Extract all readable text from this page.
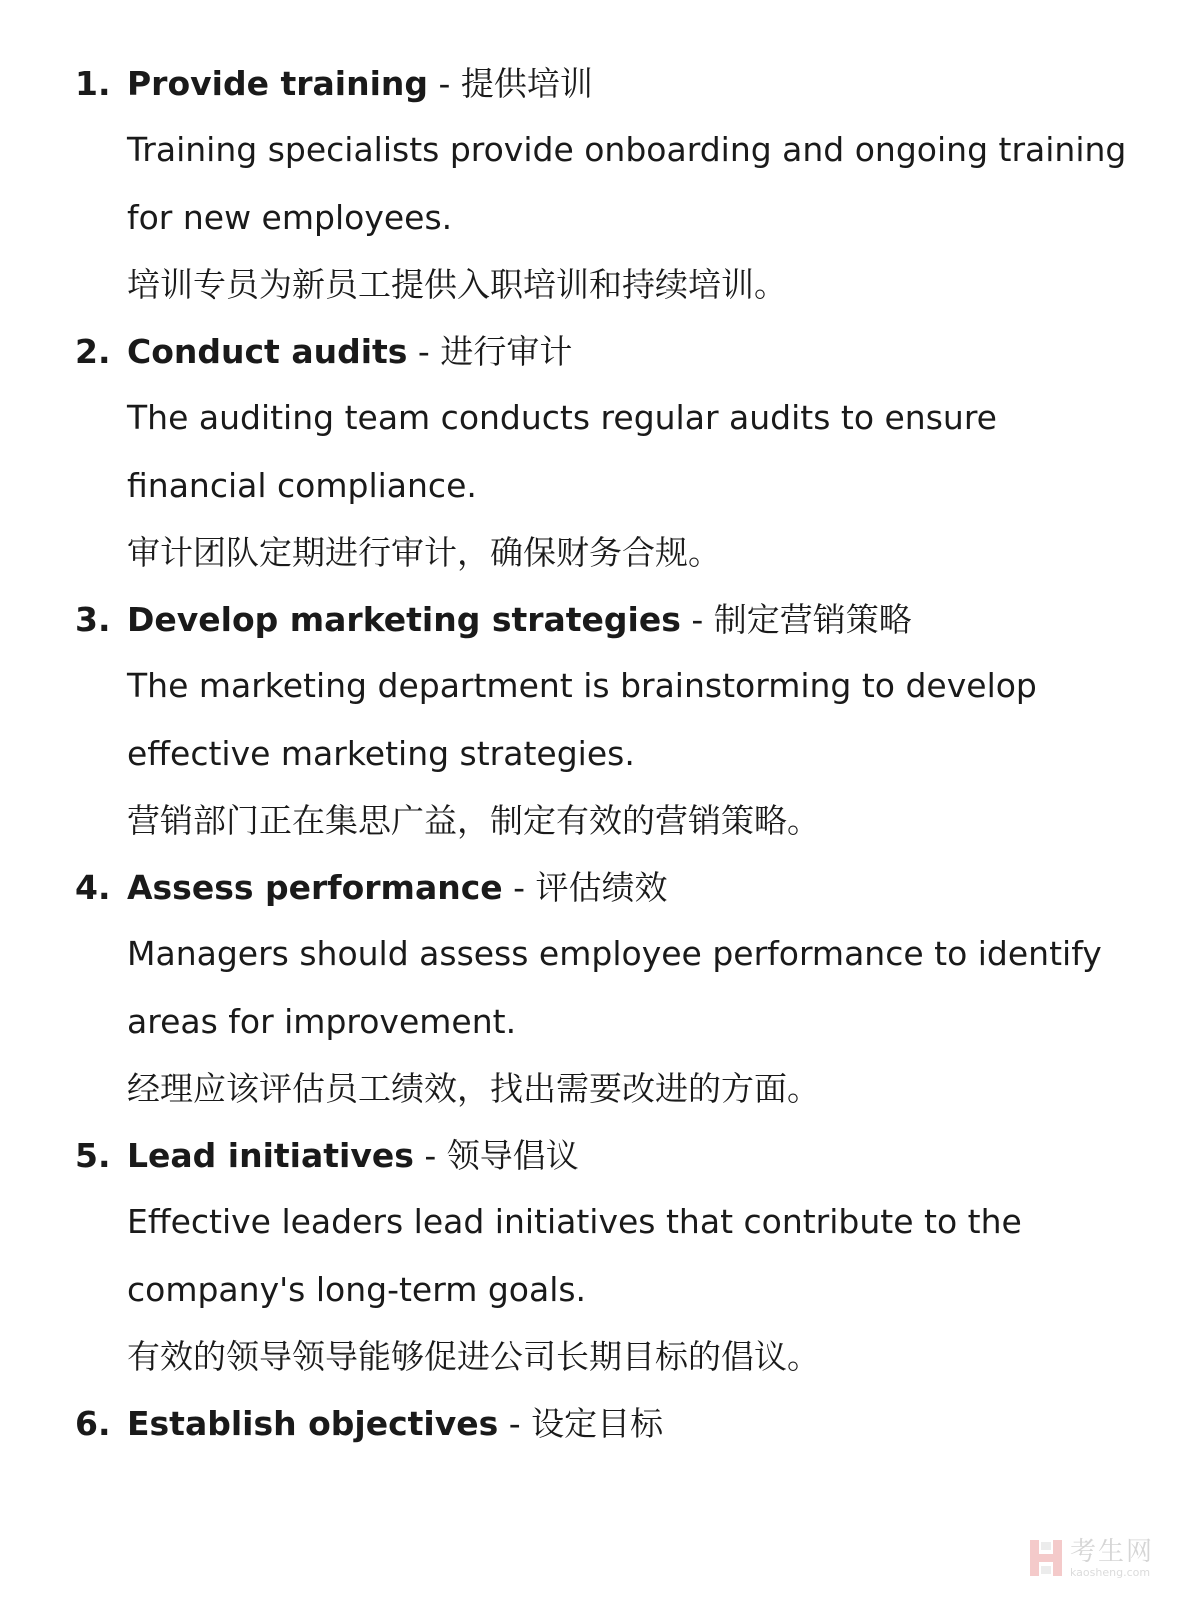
1. Provide training - 提供培训
Training specialists provide onboarding and ongoing training for new employees.
培训专员为新员工提供入职培训和持续培训。
2. Conduct audits - 进行审计
The auditing team conducts regular audits to ensure financial compliance.
审计团队定期进行审计，确保财务合规。
3. Develop marketing strategies - 制定营销策略
The marketing department is brainstorming to develop effective marketing strategies.
营销部门正在集思广益，制定有效的营销策略。
4. Assess performance - 评估绩效
Managers should assess employee performance to identify areas for improvement.
经理应该评估员工绩效，找出需要改进的方面。
5. Lead initiatives - 领导倡议
Effective leaders lead initiatives that contribute to the company's long-term goals.
有效的领导领导能够促进公司长期目标的倡议。
6. Establish objectives - 设定目标
考生网
kaosheng.com
